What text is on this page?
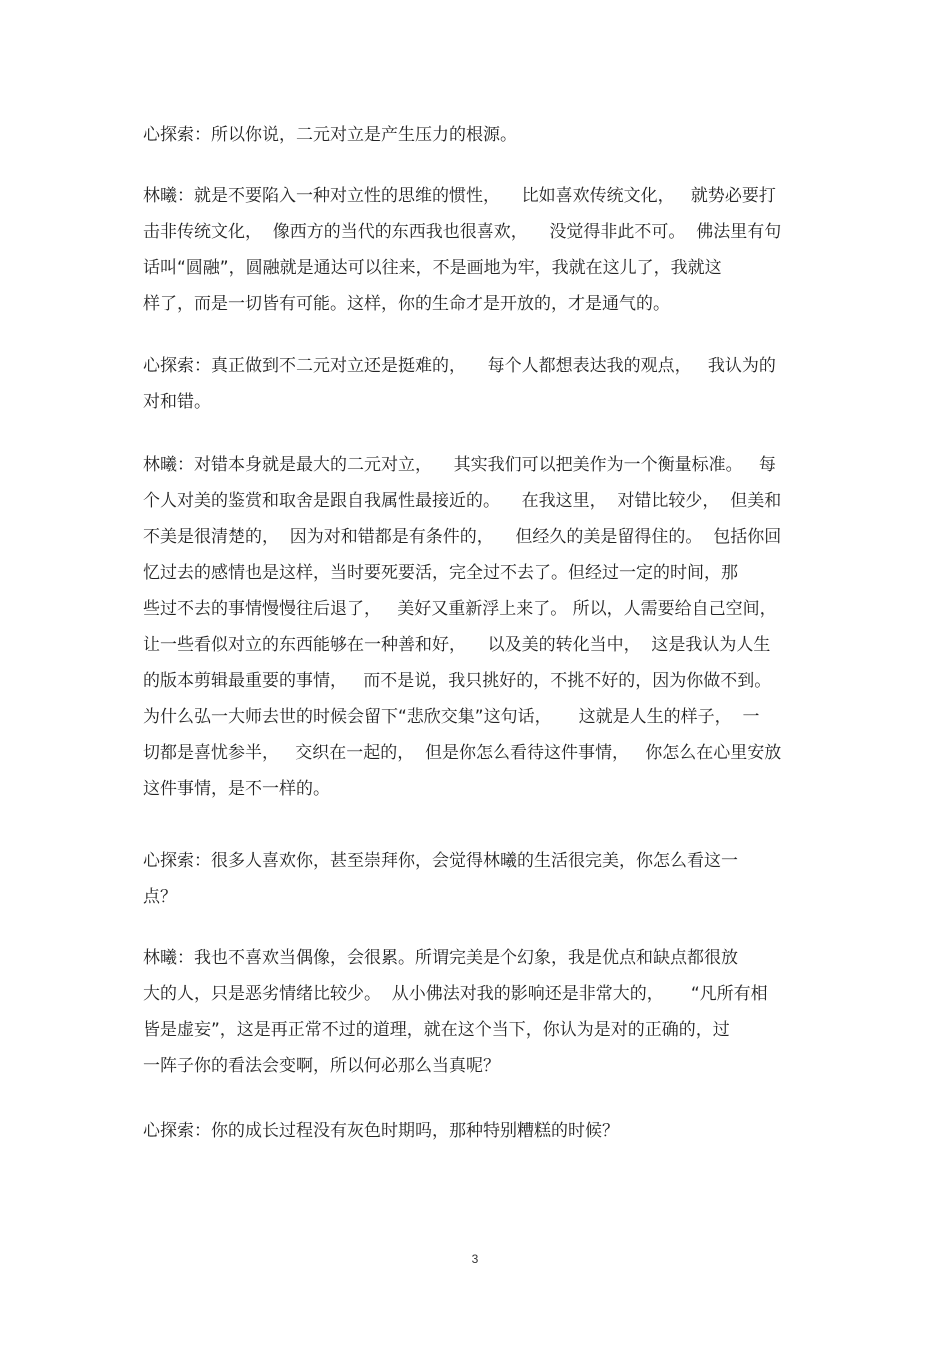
心探索：所以你说，二元对立是产生压力的根源。
林曦：就是不要陷入一种对立性的思维的惯性，    比如喜欢传统文化，   就势必要打
击非传统文化，  像西方的当代的东西我也很喜欢，    没觉得非此不可。  佛法里有句
话叫“圆融”，圆融就是通达可以往来，不是画地为牢，我就在这儿了，我就这
样了，而是一切皆有可能。这样，你的生命才是开放的，才是通气的。
心探索：真正做到不二元对立还是挺难的，    每个人都想表达我的观点，   我认为的
对和错。
林曦：对错本身就是最大的二元对立，    其实我们可以把美作为一个衡量标准。   每
个人对美的鉴赏和取舍是跟自我属性最接近的。    在我这里，  对错比较少，  但美和
不美是很清楚的，  因为对和错都是有条件的，    但经久的美是留得住的。  包括你回
忆过去的感情也是这样，当时要死要活，完全过不去了。但经过一定的时间，那
些过不去的事情慢慢往后退了，   美好又重新浮上来了。 所以，人需要给自己空间，
让一些看似对立的东西能够在一种善和好，    以及美的转化当中，  这是我认为人生
的版本剪辑最重要的事情，   而不是说，我只挑好的，不挑不好的，因为你做不到。
为什么弘一大师去世的时候会留下“悲欣交集”这句话，     这就是人生的样子，  一
切都是喜忧参半，   交织在一起的，  但是你怎么看待这件事情，   你怎么在心里安放
这件事情，是不一样的。
心探索：很多人喜欢你，甚至崇拜你，会觉得林曦的生活很完美，你怎么看这一
点？
林曦：我也不喜欢当偶像，会很累。所谓完美是个幻象，我是优点和缺点都很放
大的人，只是恶劣情绪比较少。  从小佛法对我的影响还是非常大的，     “凡所有相
皆是虚妄”，这是再正常不过的道理，就在这个当下，你认为是对的正确的，过
一阵子你的看法会变啊，所以何必那么当真呢？
心探索：你的成长过程没有灰色时期吗，那种特别糟糕的时候？
3
